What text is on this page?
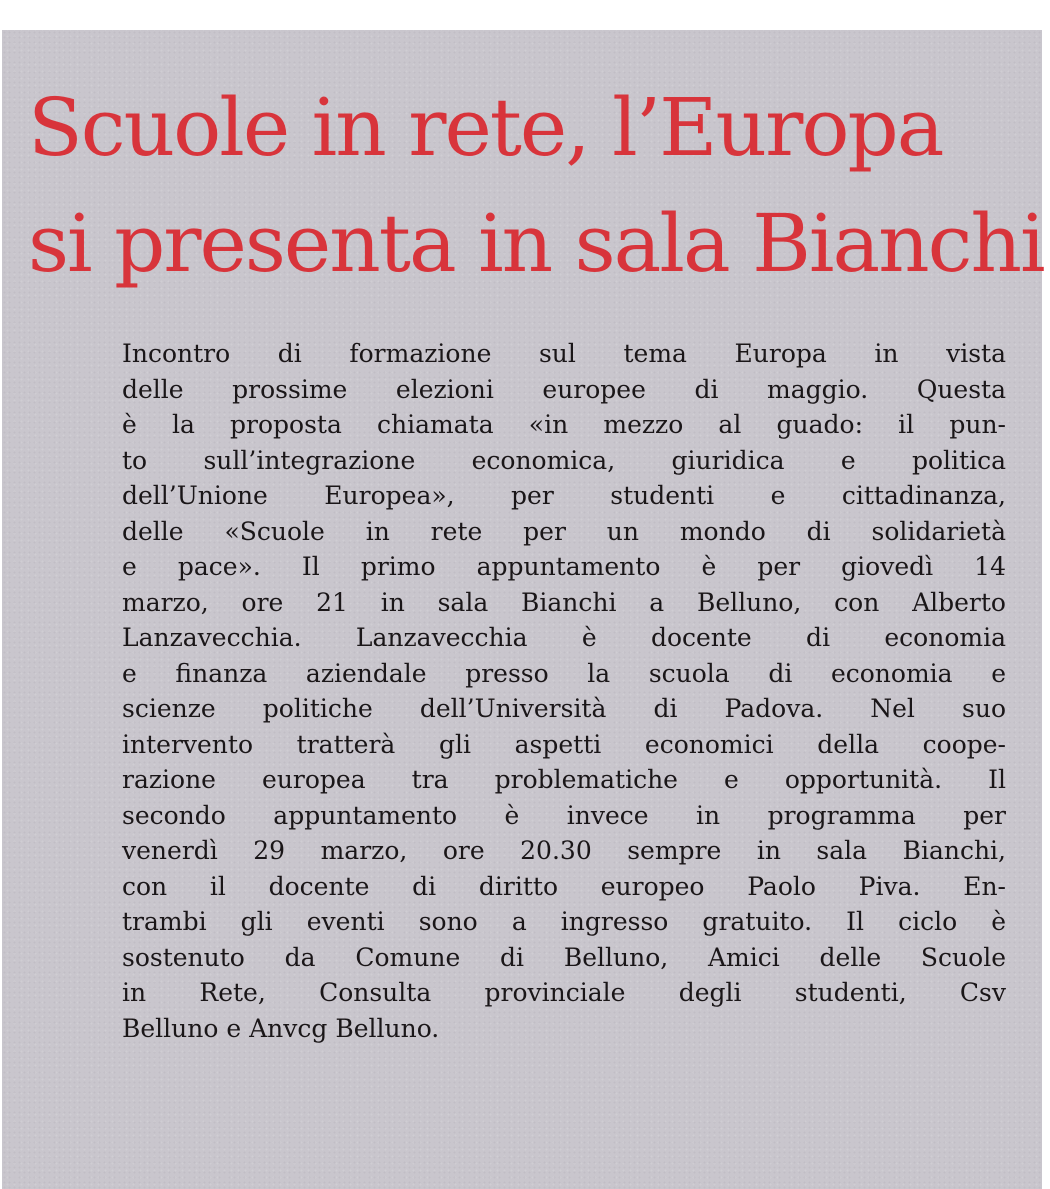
Scuole in rete, l’Europa
si presenta in sala Bianchi
Incontro di formazione sul tema Europa in vista
delle prossime elezioni europee di maggio. Questa
è la proposta chiamata «in mezzo al guado: il pun-
to sull’integrazione economica, giuridica e politica
dell’Unione Europea», per studenti e cittadinanza,
delle «Scuole in rete per un mondo di solidarietà
e pace». Il primo appuntamento è per giovedì 14
marzo, ore 21 in sala Bianchi a Belluno, con Alberto
Lanzavecchia. Lanzavecchia è docente di economia
e finanza aziendale presso la scuola di economia e
scienze politiche dell’Università di Padova. Nel suo
intervento tratterà gli aspetti economici della coope-
razione europea tra problematiche e opportunità. Il
secondo appuntamento è invece in programma per
venerdì 29 marzo, ore 20.30 sempre in sala Bianchi,
con il docente di diritto europeo Paolo Piva. En-
trambi gli eventi sono a ingresso gratuito. Il ciclo è
sostenuto da Comune di Belluno, Amici delle Scuole
in Rete, Consulta provinciale degli studenti, Csv
Belluno e Anvcg Belluno.
